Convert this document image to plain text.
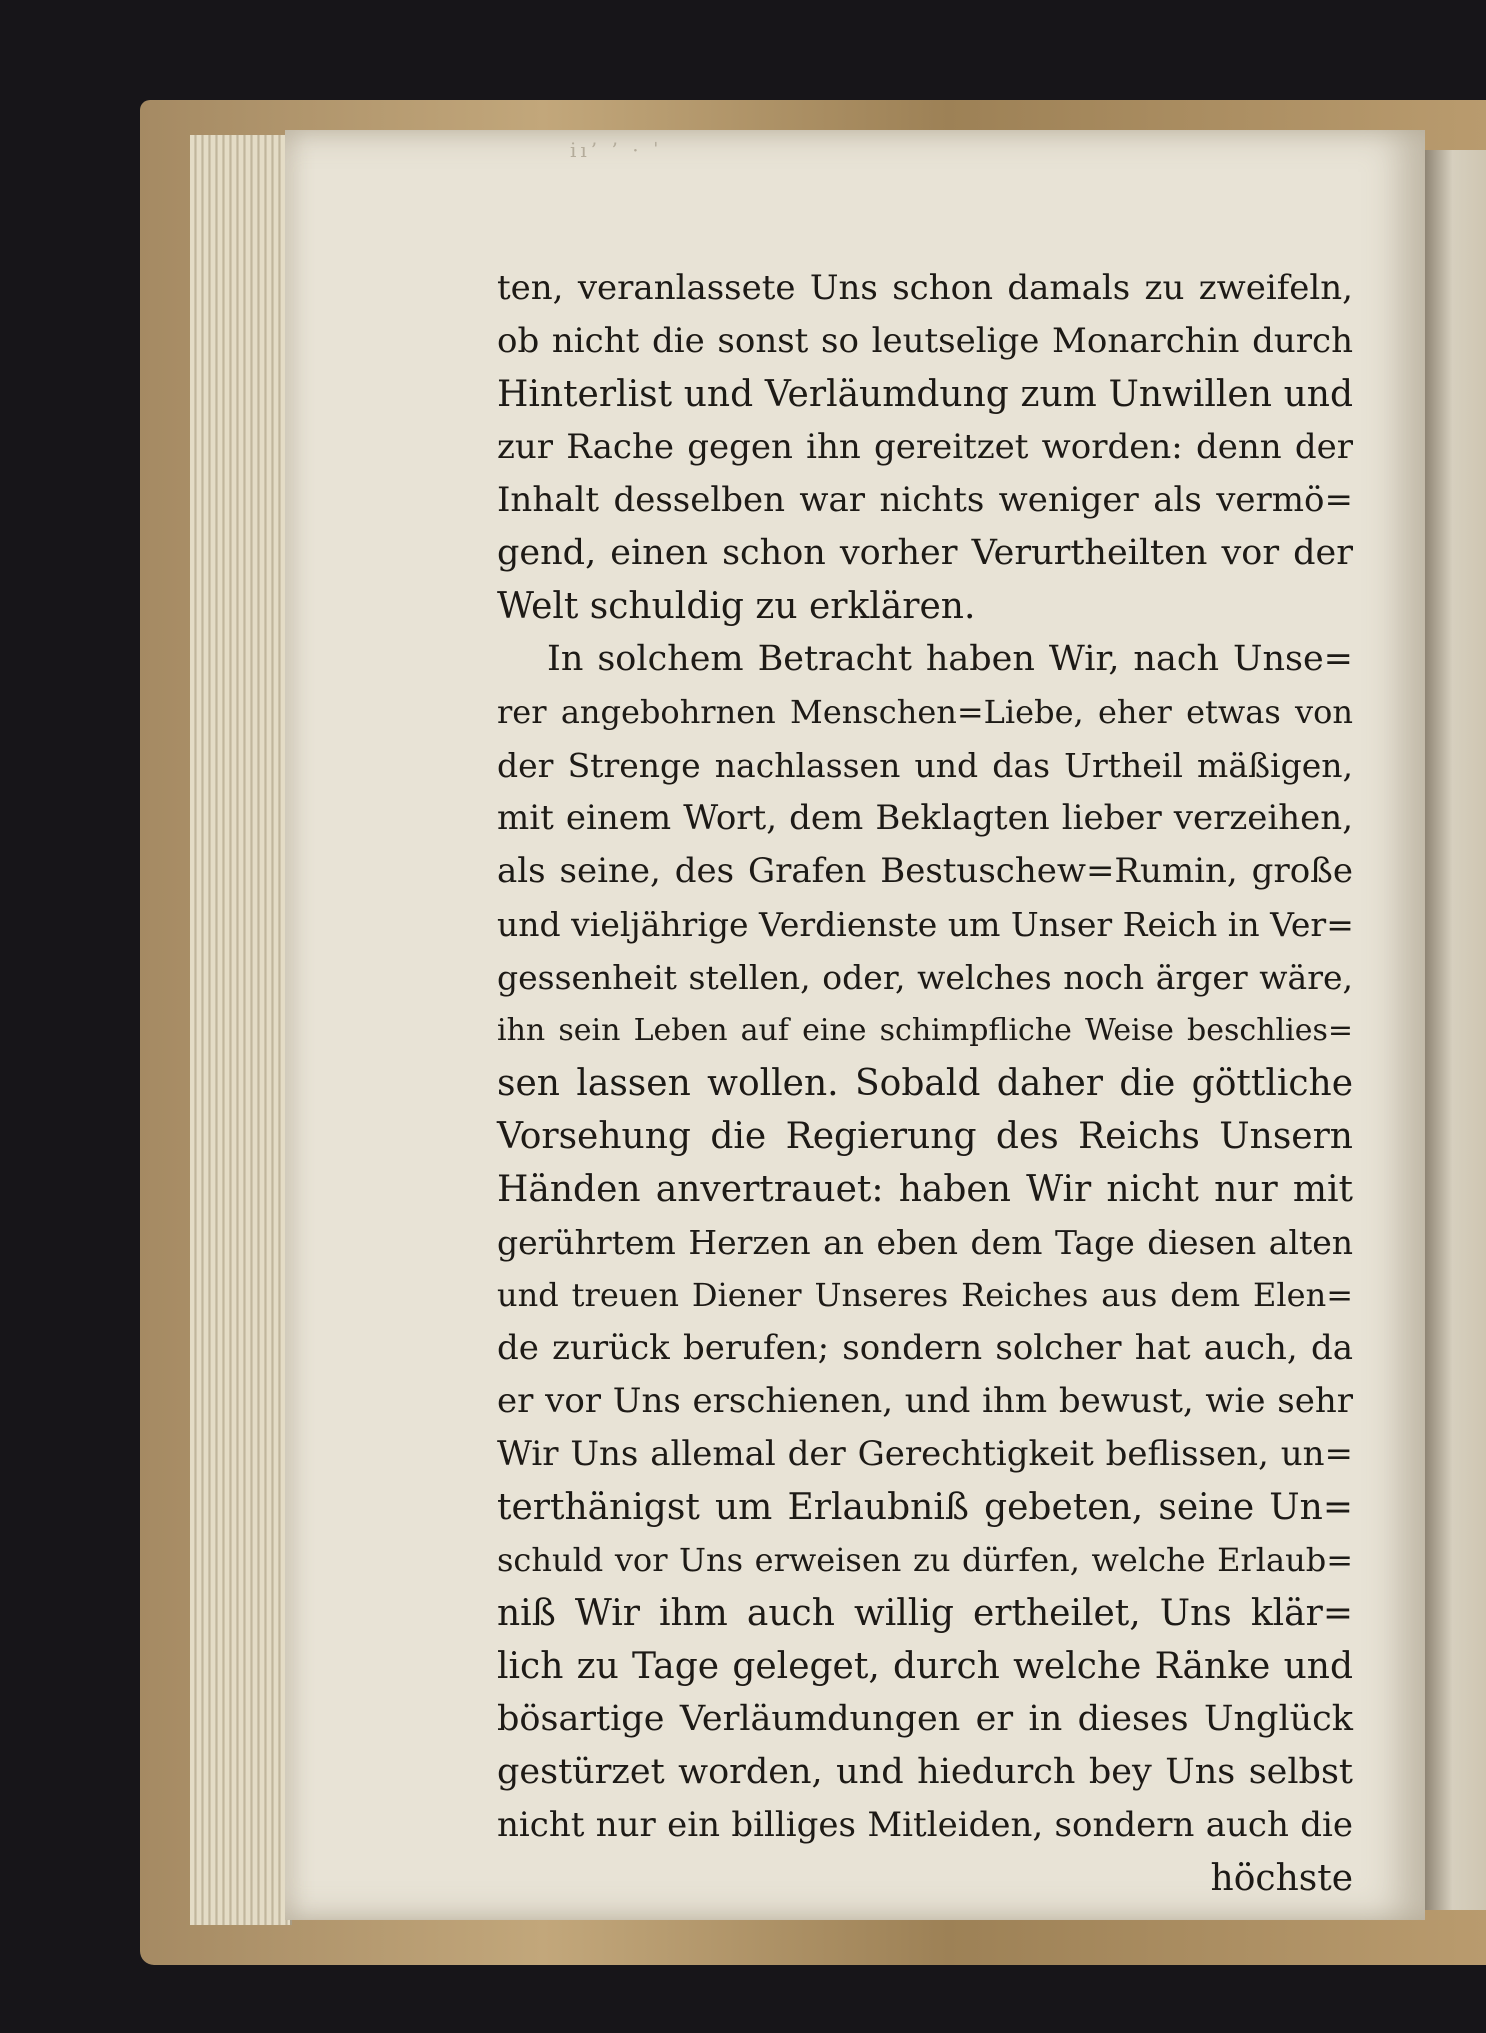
iı’ ’ · ˈ
ten, veranlassete Uns schon damals zu zweifeln,
ob nicht die sonst so leutselige Monarchin durch
Hinterlist und Verläumdung zum Unwillen und
zur Rache gegen ihn gereitzet worden: denn der
Inhalt desselben war nichts weniger als vermö=
gend, einen schon vorher Verurtheilten vor der
Welt schuldig zu erklären.
In solchem Betracht haben Wir, nach Unse=
rer angebohrnen Menschen=Liebe, eher etwas von
der Strenge nachlassen und das Urtheil mäßigen,
mit einem Wort, dem Beklagten lieber verzeihen,
als seine, des Grafen Bestuschew=Rumin, große
und vieljährige Verdienste um Unser Reich in Ver=
gessenheit stellen, oder, welches noch ärger wäre,
ihn sein Leben auf eine schimpfliche Weise beschlies=
sen lassen wollen. Sobald daher die göttliche
Vorsehung die Regierung des Reichs Unsern
Händen anvertrauet: haben Wir nicht nur mit
gerührtem Herzen an eben dem Tage diesen alten
und treuen Diener Unseres Reiches aus dem Elen=
de zurück berufen; sondern solcher hat auch, da
er vor Uns erschienen, und ihm bewust, wie sehr
Wir Uns allemal der Gerechtigkeit beflissen, un=
terthänigst um Erlaubniß gebeten, seine Un=
schuld vor Uns erweisen zu dürfen, welche Erlaub=
niß Wir ihm auch willig ertheilet, Uns klär=
lich zu Tage geleget, durch welche Ränke und
bösartige Verläumdungen er in dieses Unglück
gestürzet worden, und hiedurch bey Uns selbst
nicht nur ein billiges Mitleiden, sondern auch die
höchste
